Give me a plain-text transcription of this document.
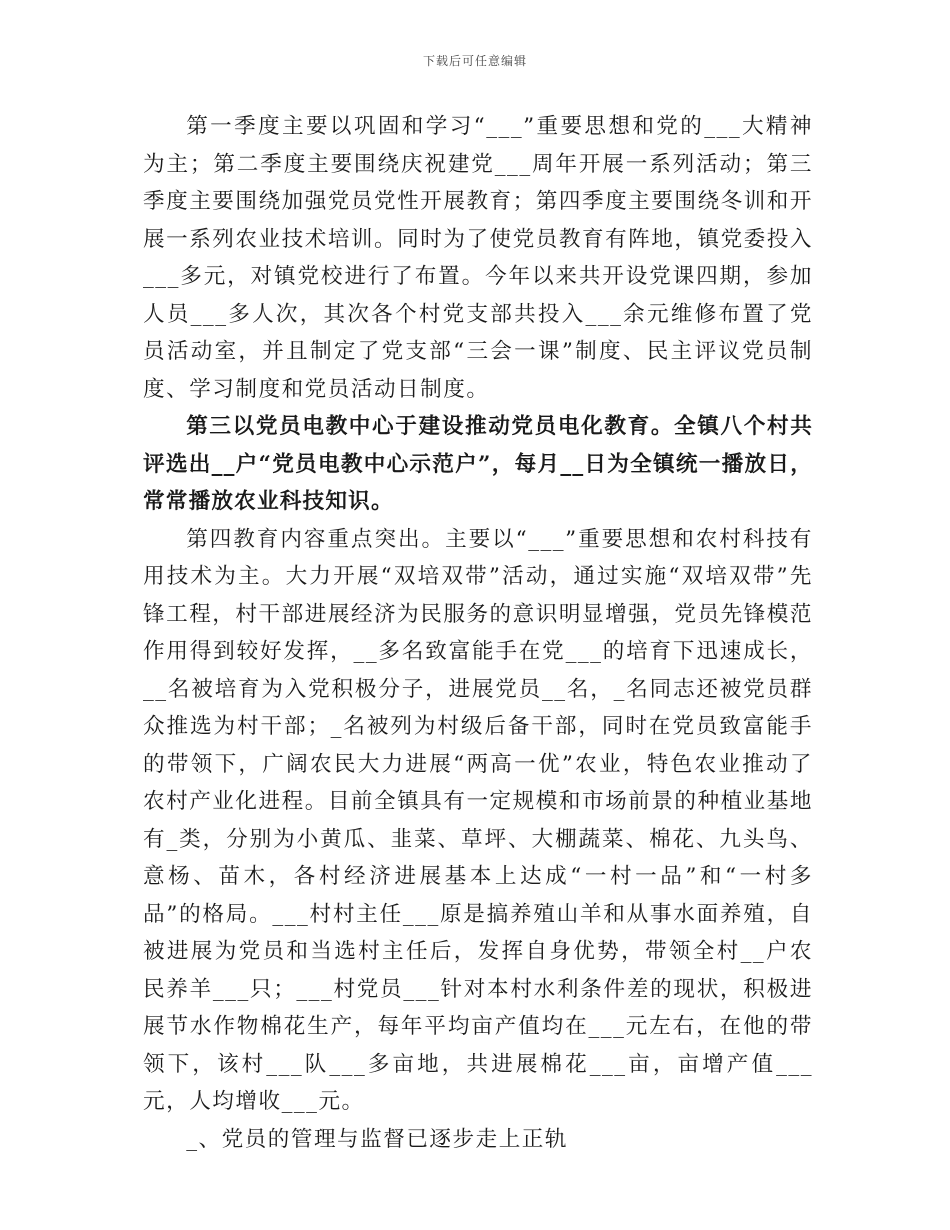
下载后可任意编辑

第一季度主要以巩固和学习“___”重要思想和党的___大精神为主；第二季度主要围绕庆祝建党___周年开展一系列活动；第三季度主要围绕加强党员党性开展教育；第四季度主要围绕冬训和开展一系列农业技术培训。同时为了使党员教育有阵地，镇党委投入___多元，对镇党校进行了布置。今年以来共开设党课四期，参加人员___多人次，其次各个村党支部共投入___余元维修布置了党员活动室，并且制定了党支部“三会一课”制度、民主评议党员制度、学习制度和党员活动日制度。

第三以党员电教中心于建设推动党员电化教育。全镇八个村共评选出__户“党员电教中心示范户”，每月__日为全镇统一播放日，常常播放农业科技知识。

第四教育内容重点突出。主要以“___”重要思想和农村科技有用技术为主。大力开展“双培双带”活动，通过实施“双培双带”先锋工程，村干部进展经济为民服务的意识明显增强，党员先锋模范作用得到较好发挥，__多名致富能手在党___的培育下迅速成长，__名被培育为入党积极分子，进展党员__名，_名同志还被党员群众推选为村干部；_名被列为村级后备干部，同时在党员致富能手的带领下，广阔农民大力进展“两高一优”农业，特色农业推动了农村产业化进程。目前全镇具有一定规模和市场前景的种植业基地有_类，分别为小黄瓜、韭菜、草坪、大棚蔬菜、棉花、九头鸟、意杨、苗木，各村经济进展基本上达成“一村一品”和“一村多品”的格局。___村村主任___原是搞养殖山羊和从事水面养殖，自被进展为党员和当选村主任后，发挥自身优势，带领全村__户农民养羊___只；___村党员___针对本村水利条件差的现状，积极进展节水作物棉花生产，每年平均亩产值均在___元左右，在他的带领下，该村___队___多亩地，共进展棉花___亩，亩增产值___元，人均增收___元。

_、党员的管理与监督已逐步走上正轨
